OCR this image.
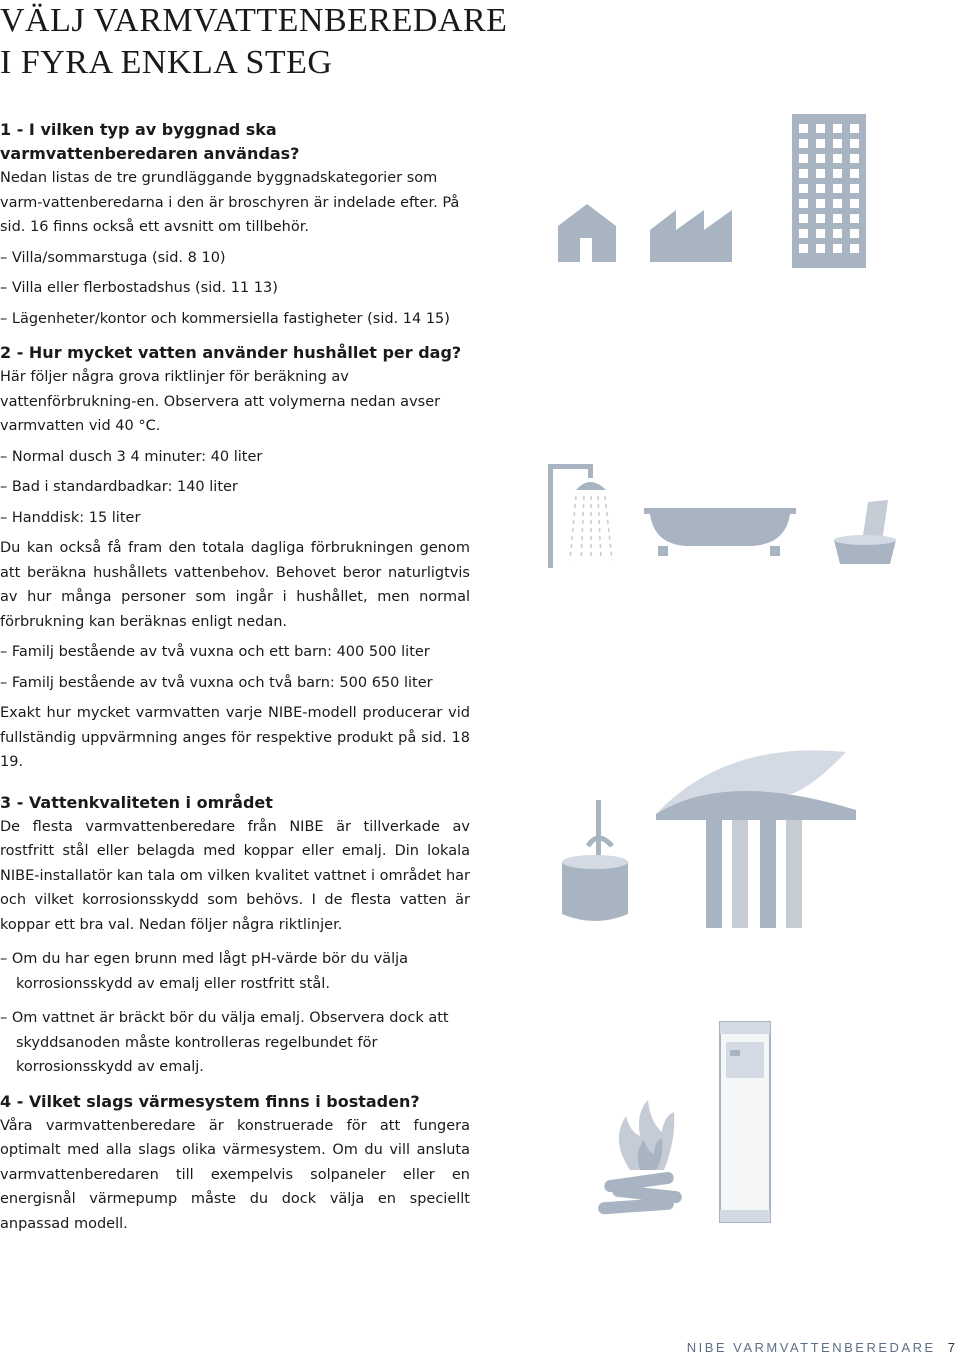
VÄLJ VARMVATTENBEREDARE
I FYRA ENKLA STEG
1 - I vilken typ av byggnad ska varmvattenberedaren användas?

Nedan listas de tre grundläggande byggnadskategorier som varm-vattenberedarna i den är broschyren är indelade efter. På sid. 16 finns också ett avsnitt om tillbehör.

– Villa/sommarstuga (sid. 8 10)
– Villa eller flerbostadshus (sid. 11 13)
– Lägenheter/kontor och kommersiella fastigheter (sid. 14 15)
2 - Hur mycket vatten använder hushållet per dag?

Här följer några grova riktlinjer för beräkning av vattenförbrukning-en. Observera att volymerna nedan avser varmvatten vid 40 °C.

– Normal dusch 3 4 minuter: 40 liter
– Bad i standardbadkar: 140 liter
– Handdisk: 15 liter

Du kan också få fram den totala dagliga förbrukningen genom att beräkna hushållets vattenbehov. Behovet beror naturligtvis av hur många personer som ingår i hushållet, men normal förbrukning kan beräknas enligt nedan.

– Familj bestående av två vuxna och ett barn: 400 500 liter
– Familj bestående av två vuxna och två barn: 500 650 liter

Exakt hur mycket varmvatten varje NIBE-modell producerar vid fullständig uppvärmning anges för respektive produkt på sid. 18 19.

3 - Vattenkvaliteten i området

De flesta varmvattenberedare från NIBE är tillverkade av rostfritt stål eller belagda med koppar eller emalj. Din lokala NIBE-installatör kan tala om vilken kvalitet vattnet i området har och vilket korrosionsskydd som behövs. I de flesta vatten är koppar ett bra val. Nedan följer några riktlinjer.

– Om du har egen brunn med lågt pH-värde bör du välja korrosionsskydd av emalj eller rostfritt stål.
– Om vattnet är bräckt bör du välja emalj. Observera dock att skyddsanoden måste kontrolleras regelbundet för korrosionsskydd av emalj.
4 - Vilket slags värmesystem finns i bostaden?

Våra varmvattenberedare är konstruerade för att fungera optimalt med alla slags olika värmesystem. Om du vill ansluta varmvattenberedaren till exempelvis solpaneler eller en energisnål värmepump måste du dock välja en speciellt anpassad modell.

NIBE VARMVATTENBEREDARE 7
